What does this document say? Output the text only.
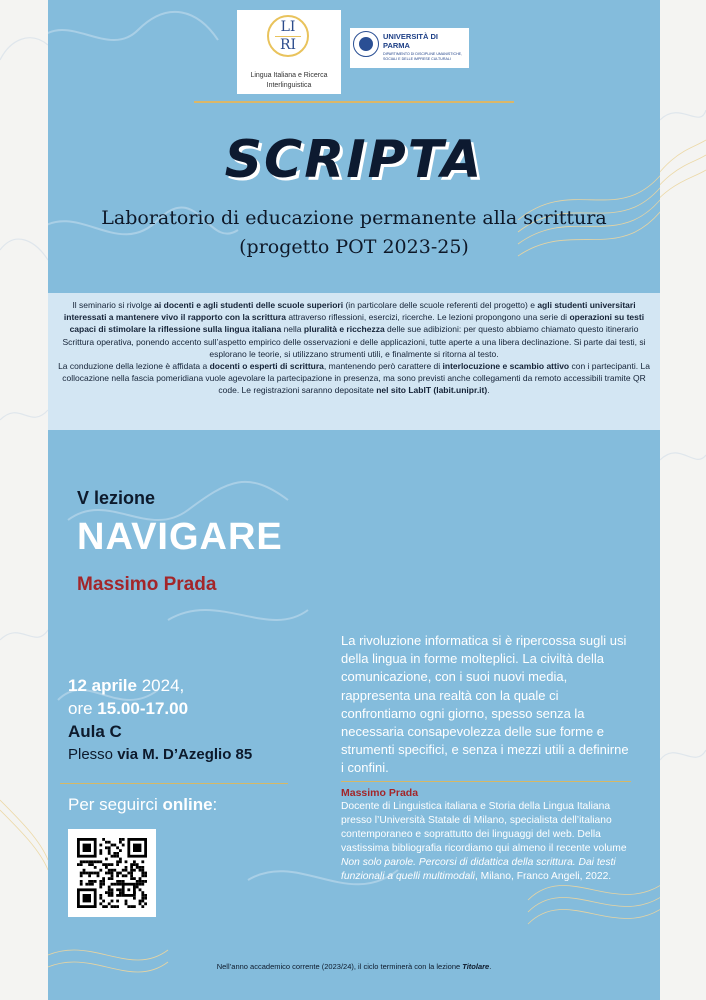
LI
RI
Lingua Italiana e Ricerca Interlinguistica
UNIVERSITÀ DI PARMA
DIPARTIMENTO DI DISCIPLINE UMANISTICHE, SOCIALI E DELLE IMPRESE CULTURALI
SCRIPTA
Laboratorio di educazione permanente alla scrittura
(progetto POT 2023-25)
Il seminario si rivolge ai docenti e agli studenti delle scuole superiori (in particolare delle scuole referenti del progetto) e agli studenti universitari interessati a mantenere vivo il rapporto con la scrittura attraverso riflessioni, esercizi, ricerche. Le lezioni propongono una serie di operazioni su testi capaci di stimolare la riflessione sulla lingua italiana nella pluralità e ricchezza delle sue adibizioni: per questo abbiamo chiamato questo itinerario Scrittura operativa, ponendo accento sull’aspetto empirico delle osservazioni e delle applicazioni, tutte aperte a una libera declinazione. Si parte dai testi, si esplorano le teorie, si utilizzano strumenti utili, e finalmente si ritorna al testo.
La conduzione della lezione è affidata a docenti o esperti di scrittura, mantenendo però carattere di interlocuzione e scambio attivo con i partecipanti. La collocazione nella fascia pomeridiana vuole agevolare la partecipazione in presenza, ma sono previsti anche collegamenti da remoto accessibili tramite QR code. Le registrazioni saranno depositate nel sito LabIT (labit.unipr.it).
V lezione
NAVIGARE
Massimo Prada
12 aprile 2024,
ore 15.00-17.00
Aula C
Plesso via M. D’Azeglio 85
La rivoluzione informatica si è ripercossa sugli usi della lingua in forme molteplici. La civiltà della comunicazione, con i suoi nuovi media, rappresenta una realtà con la quale ci confrontiamo ogni giorno, spesso senza la necessaria consapevolezza delle sue forme e strumenti specifici, e senza i mezzi utili a definirne i confini.
Massimo Prada
Docente di Linguistica italiana e Storia della Lingua Italiana presso l’Università Statale di Milano, specialista dell’italiano contemporaneo e soprattutto dei linguaggi del web. Della vastissima bibliografia ricordiamo qui almeno il recente volume Non solo parole. Percorsi di didattica della scrittura. Dai testi funzionali a quelli multimodali, Milano, Franco Angeli, 2022.
Per seguirci online:
Nell’anno accademico corrente (2023/24), il ciclo terminerà con la lezione Titolare.
